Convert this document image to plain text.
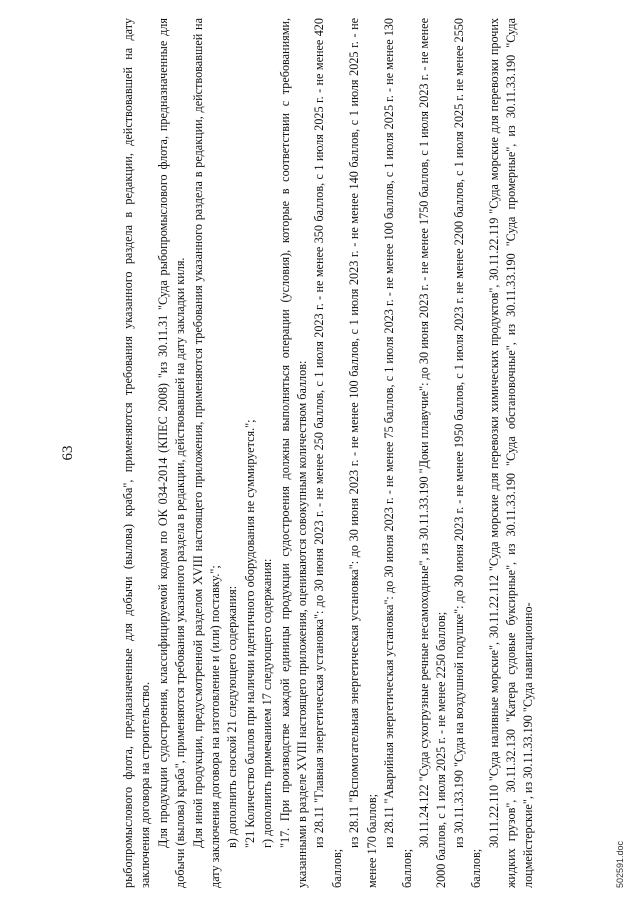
63	рыбопромыслового флота, предназначенные для добычи (вылова) краба", применяются требования указанного раздела в редакции, действовавшей на дату заключения договора на строительство. Для продукции судостроения, классифицируемой кодом по ОК 034-2014 (КПЕС 2008) "из 30.11.31 "Суда рыбопромыслового флота, предназначенные для добычи (вылова) краба", применяются требования указанного раздела в редакции, действовавшей на дату закладки киля. Для иной продукции, предусмотренной разделом XVIII настоящего приложения, применяются требования указанного раздела в редакции, действовавшей на дату заключения договора на изготовление и (или) поставку."; в) дополнить сноской 21 следующего содержания: "21 Количество баллов при наличии идентичного оборудования не суммируется."; г) дополнить примечанием 17 следующего содержания: "17. При производстве каждой единицы продукции судостроения должны выполняться операции (условия), которые в соответствии с требованиями, указанными в разделе XVIII настоящего приложения, оцениваются совокупным количеством баллов: из 28.11 "Главная энергетическая установка": до 30 июня 2023 г. - не менее 250 баллов, с 1 июля 2023 г. - не менее 350 баллов, с 1 июля 2025 г. - не менее 420 баллов;

из 28.11 "Вспомогательная энергетическая установка": до 30 июня 2023 г. - не менее 100 баллов, с 1 июля 2023 г. - не менее 140 баллов, с 1 июля 2025 г. - не менее 170 баллов; из 28.11 "Аварийная энергетическая установка": до 30 июня 2023 г. - не менее 75 баллов, с 1 июля 2023 г. - не менее 100 баллов, с 1 июля 2025 г. - не менее 130 баллов;

30.11.24.122 "Суда сухогрузные речные несамоходные", из 30.11.33.190 "Доки плавучие": до 30 июня 2023 г. - не менее 1750 баллов, с 1 июля 2023 г. - не менее 2000 баллов, с 1 июля 2025 г. - не менее 2250 баллов; из 30.11.33.190 "Суда на воздушной подушке": до 30 июня 2023 г. - не менее 1950 баллов, с 1 июля 2023 г. не менее 2200 баллов, с 1 июля 2025 г. не менее 2550 баллов;

30.11.22.110 "Суда наливные морские", 30.11.22.112 "Суда морские для перевозки химических продуктов", 30.11.22.119 "Суда морские для перевозки прочих жидких грузов", 30.11.32.130 "Катера судовые буксирные", из 30.11.33.190 "Суда обстановочные", из 30.11.33.190 "Суда промерные", из 30.11.33.190 "Суда лоцмейстерские", из 30.11.33.190 "Суда навигационно-	502591.doc
